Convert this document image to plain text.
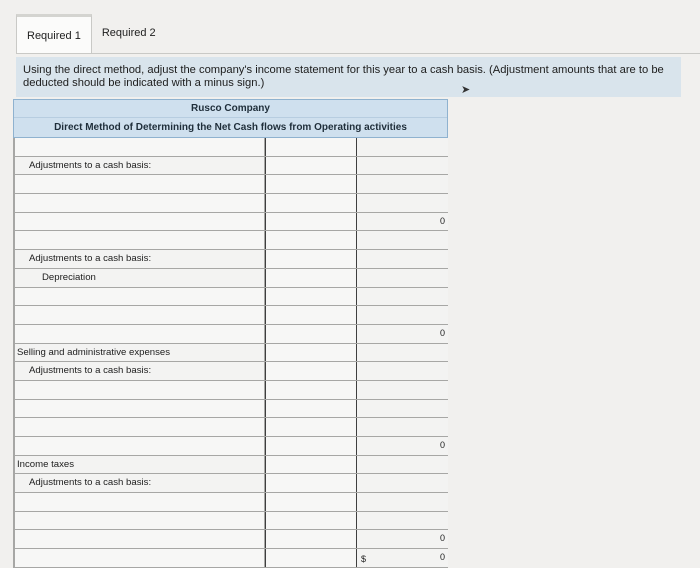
Required 1	Required 2
Using the direct method, adjust the company's income statement for this year to a cash basis. (Adjustment amounts that are to be deducted should be indicated with a minus sign.)
➤
Rusco Company
Direct Method of Determining the Net Cash flows from Operating activities
Adjustments to a cash basis:
0
Adjustments to a cash basis:
Depreciation
0
Selling and administrative expenses
Adjustments to a cash basis:
0
Income taxes
Adjustments to a cash basis:
0
$	0
